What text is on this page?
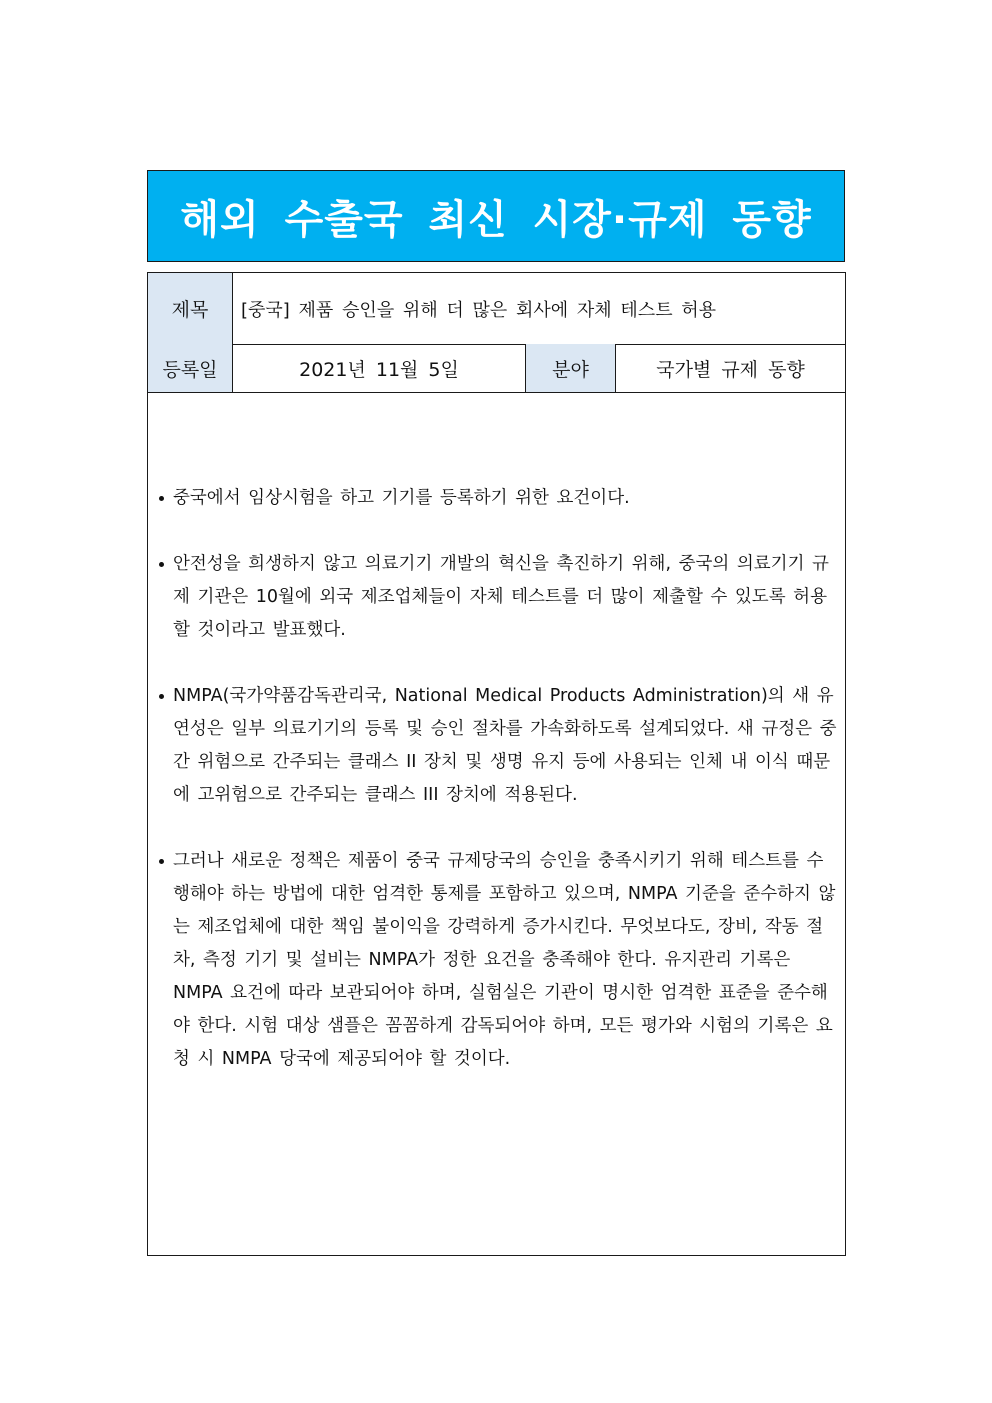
해외 수출국 최신 시장·규제 동향
제목	[중국] 제품 승인을 위해 더 많은 회사에 자체 테스트 허용
등록일	2021년 11월 5일	분야	국가별 규제 동향
중국에서 임상시험을 하고 기기를 등록하기 위한 요건이다.
안전성을 희생하지 않고 의료기기 개발의 혁신을 촉진하기 위해, 중국의 의료기기 규제 기관은 10월에 외국 제조업체들이 자체 테스트를 더 많이 제출할 수 있도록 허용할 것이라고 발표했다.
NMPA(국가약품감독관리국, National Medical Products Administration)의 새 유연성은 일부 의료기기의 등록 및 승인 절차를 가속화하도록 설계되었다. 새 규정은 중간 위험으로 간주되는 클래스 II 장치 및 생명 유지 등에 사용되는 인체 내 이식 때문에 고위험으로 간주되는 클래스 III 장치에 적용된다.
그러나 새로운 정책은 제품이 중국 규제당국의 승인을 충족시키기 위해 테스트를 수행해야 하는 방법에 대한 엄격한 통제를 포함하고 있으며, NMPA 기준을 준수하지 않는 제조업체에 대한 책임 불이익을 강력하게 증가시킨다. 무엇보다도, 장비, 작동 절차, 측정 기기 및 설비는 NMPA가 정한 요건을 충족해야 한다. 유지관리 기록은 NMPA 요건에 따라 보관되어야 하며, 실험실은 기관이 명시한 엄격한 표준을 준수해야 한다. 시험 대상 샘플은 꼼꼼하게 감독되어야 하며, 모든 평가와 시험의 기록은 요청 시 NMPA 당국에 제공되어야 할 것이다.
